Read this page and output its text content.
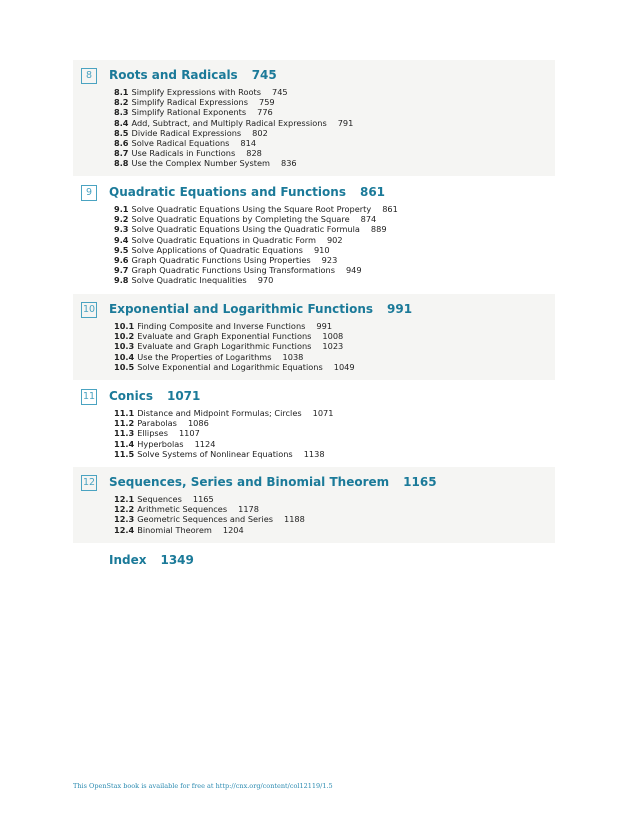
8	Roots and Radicals 745
8.1 Simplify Expressions with Roots 745
8.2 Simplify Radical Expressions 759
8.3 Simplify Rational Exponents 776
8.4 Add, Subtract, and Multiply Radical Expressions 791
8.5 Divide Radical Expressions 802
8.6 Solve Radical Equations 814
8.7 Use Radicals in Functions 828
8.8 Use the Complex Number System 836
9	Quadratic Equations and Functions 861
9.1 Solve Quadratic Equations Using the Square Root Property 861
9.2 Solve Quadratic Equations by Completing the Square 874
9.3 Solve Quadratic Equations Using the Quadratic Formula 889
9.4 Solve Quadratic Equations in Quadratic Form 902
9.5 Solve Applications of Quadratic Equations 910
9.6 Graph Quadratic Functions Using Properties 923
9.7 Graph Quadratic Functions Using Transformations 949
9.8 Solve Quadratic Inequalities 970
10 Exponential and Logarithmic Functions 991
10.1 Finding Composite and Inverse Functions 991
10.2 Evaluate and Graph Exponential Functions 1008
10.3 Evaluate and Graph Logarithmic Functions 1023
10.4 Use the Properties of Logarithms 1038
10.5 Solve Exponential and Logarithmic Equations 1049
11 Conics 1071
11.1 Distance and Midpoint Formulas; Circles 1071
11.2 Parabolas 1086
11.3 Ellipses 1107
11.4 Hyperbolas 1124
11.5 Solve Systems of Nonlinear Equations 1138
12 Sequences, Series and Binomial Theorem 1165
12.1 Sequences 1165
12.2 Arithmetic Sequences 1178
12.3 Geometric Sequences and Series 1188
12.4 Binomial Theorem 1204
Index 1349
This OpenStax book is available for free at http://cnx.org/content/col12119/1.5
